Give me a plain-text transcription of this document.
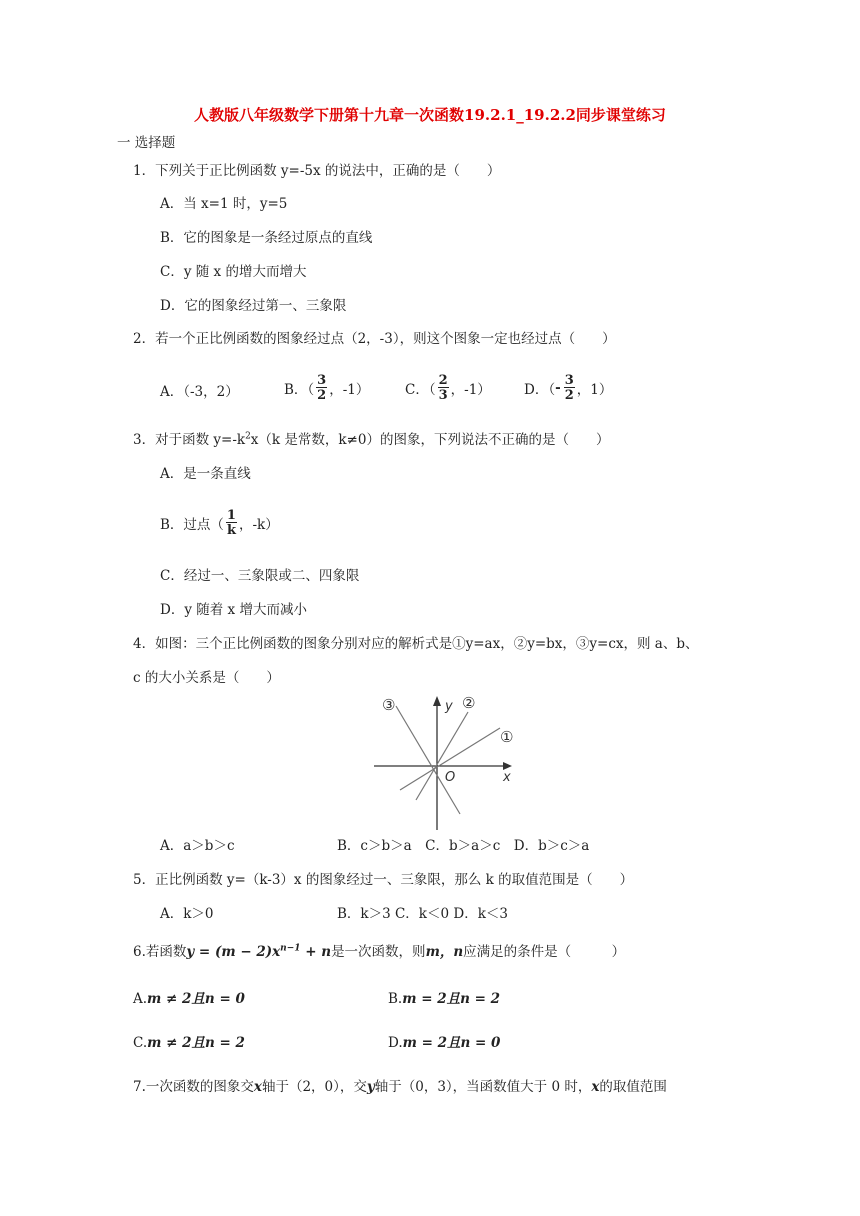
人教版八年级数学下册第十九章一次函数19.2.1_19.2.2同步课堂练习
一 选择题
1．下列关于正比例函数 y=-5x 的说法中，正确的是（　　）
A．当 x=1 时，y=5
B．它的图象是一条经过原点的直线
C．y 随 x 的增大而增大
D．它的图象经过第一、三象限
2．若一个正比例函数的图象经过点（2，-3），则这个图象一定也经过点（　　）
A．（-3，2）	B．（ $\frac{3}{2}$ ，-1）	C．（ $\frac{2}{3}$ ，-1） D．（ - $\frac{3}{2}$ ，1）
3．对于函数 $y=-k^2x(k$ 是常数，k≠0）的图象，下列说法不正确的是（　　）
A．是一条直线
B．过点（ $\frac{1}{k}$ ，-k）
C．经过一、三象限或二、四象限
D．y 随着 x 增大而减小
4．如图：三个正比例函数的图象分别对应的解析式是①y=ax，②y=bx，③y=cx，则 a、b、
c 的大小关系是（　　）
①
②
③	y
x
O
A．a＞b＞c	B．c＞b＞a　C．b＞a＞c　D．b＞c＞a
5．正比例函数 y=（k-3）x 的图象经过一、三象限，那么 k 的取值范围是（　　）
A．k＞0	B．k＞3 C．k＜0 D．k＜3
6.若函数$y = (m - 2)x^{n-1} + n$是一次函数，则m，n应满足的条件是（　　　）
A.m ≠ 2且n = 0	B.m = 2且n = 2
C.m ≠ 2且n = 2	D.m = 2且n = 0
7.一次函数的图象交x轴于（2，0），交y轴于（0，3），当函数值大于 0 时，x的取值范围
